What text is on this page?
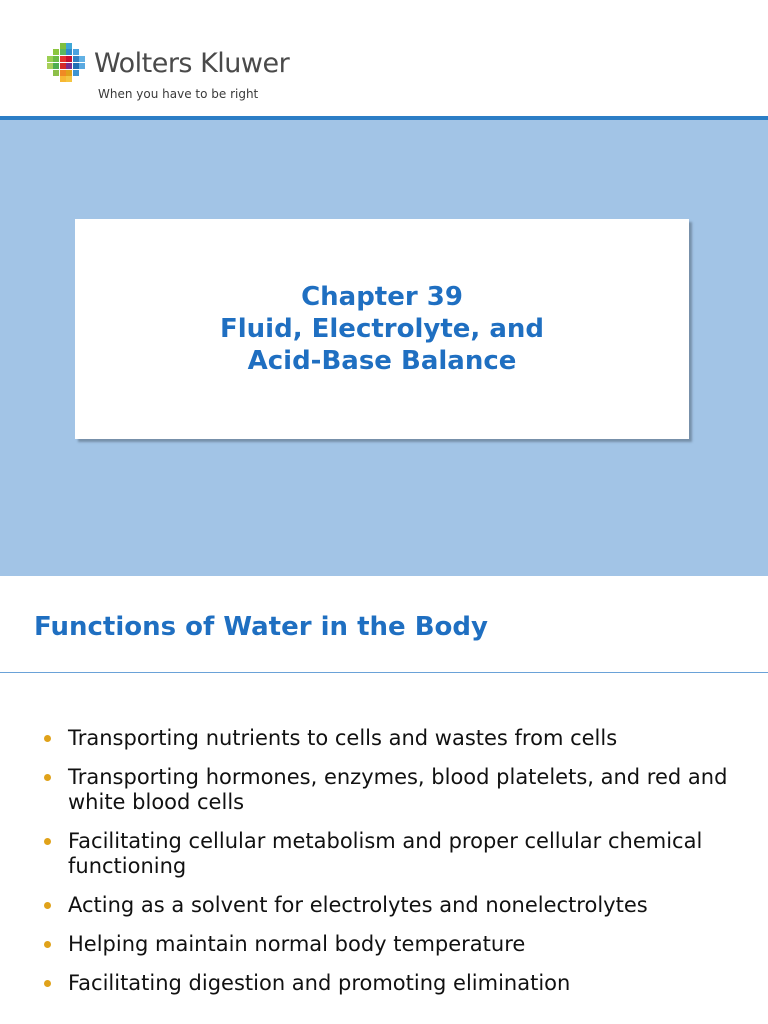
Wolters Kluwer
When you have to be right
Chapter 39
Fluid, Electrolyte, and
Acid-Base Balance
Functions of Water in the Body
Transporting nutrients to cells and wastes from cells
Transporting hormones, enzymes, blood platelets, and red and white blood cells
Facilitating cellular metabolism and proper cellular chemical functioning
Acting as a solvent for electrolytes and nonelectrolytes
Helping maintain normal body temperature
Facilitating digestion and promoting elimination
